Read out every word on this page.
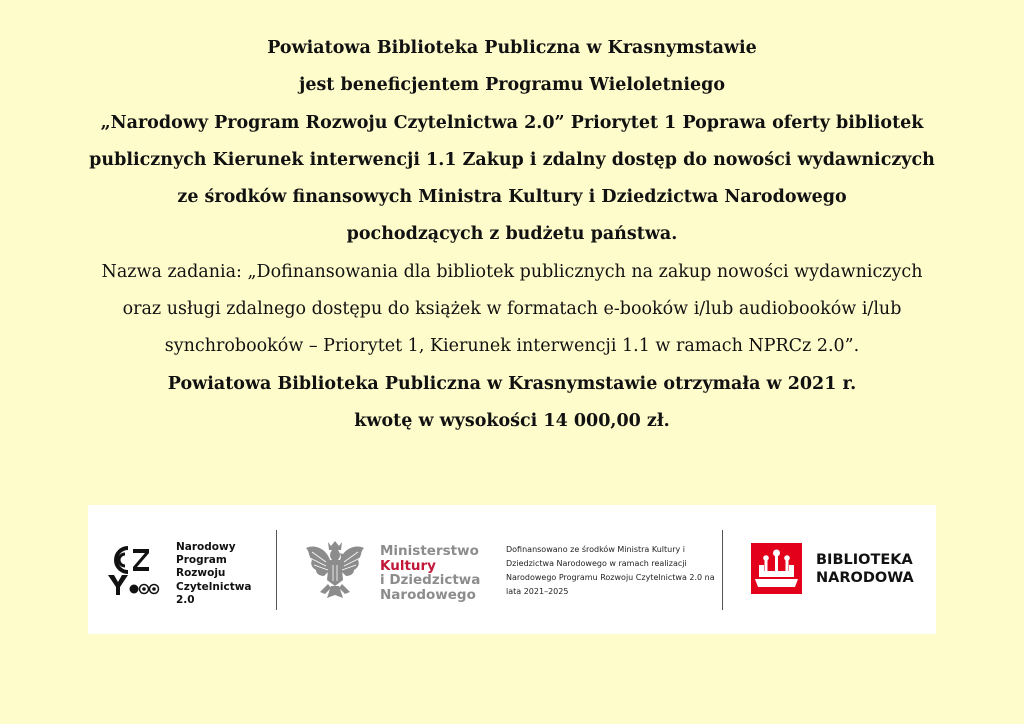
Powiatowa Biblioteka Publiczna w Krasnymstawie

jest beneficjentem Programu Wieloletniego

„Narodowy Program Rozwoju Czytelnictwa 2.0” Priorytet 1 Poprawa oferty bibliotek

publicznych Kierunek interwencji 1.1 Zakup i zdalny dostęp do nowości wydawniczych

ze środków finansowych Ministra Kultury i Dziedzictwa Narodowego

pochodzących z budżetu państwa.

Nazwa zadania: „Dofinansowania dla bibliotek publicznych na zakup nowości wydawniczych

oraz usługi zdalnego dostępu do książek w formatach e-booków i/lub audiobooków i/lub

synchrobooków – Priorytet 1, Kierunek interwencji 1.1 w ramach NPRCz 2.0”.

Powiatowa Biblioteka Publiczna w Krasnymstawie otrzymała w 2021 r.

kwotę w wysokości 14 000,00 zł.

Narodowy
Program
Rozwoju
Czytelnictwa
2.0
Ministerstwo
Kultury
i Dziedzictwa
Narodowego
Dofinansowano ze środków Ministra Kultury i Dziedzictwa Narodowego w ramach realizacji Narodowego Programu Rozwoju Czytelnictwa 2.0 na lata 2021–2025
BIBLIOTEKA
NARODOWA
